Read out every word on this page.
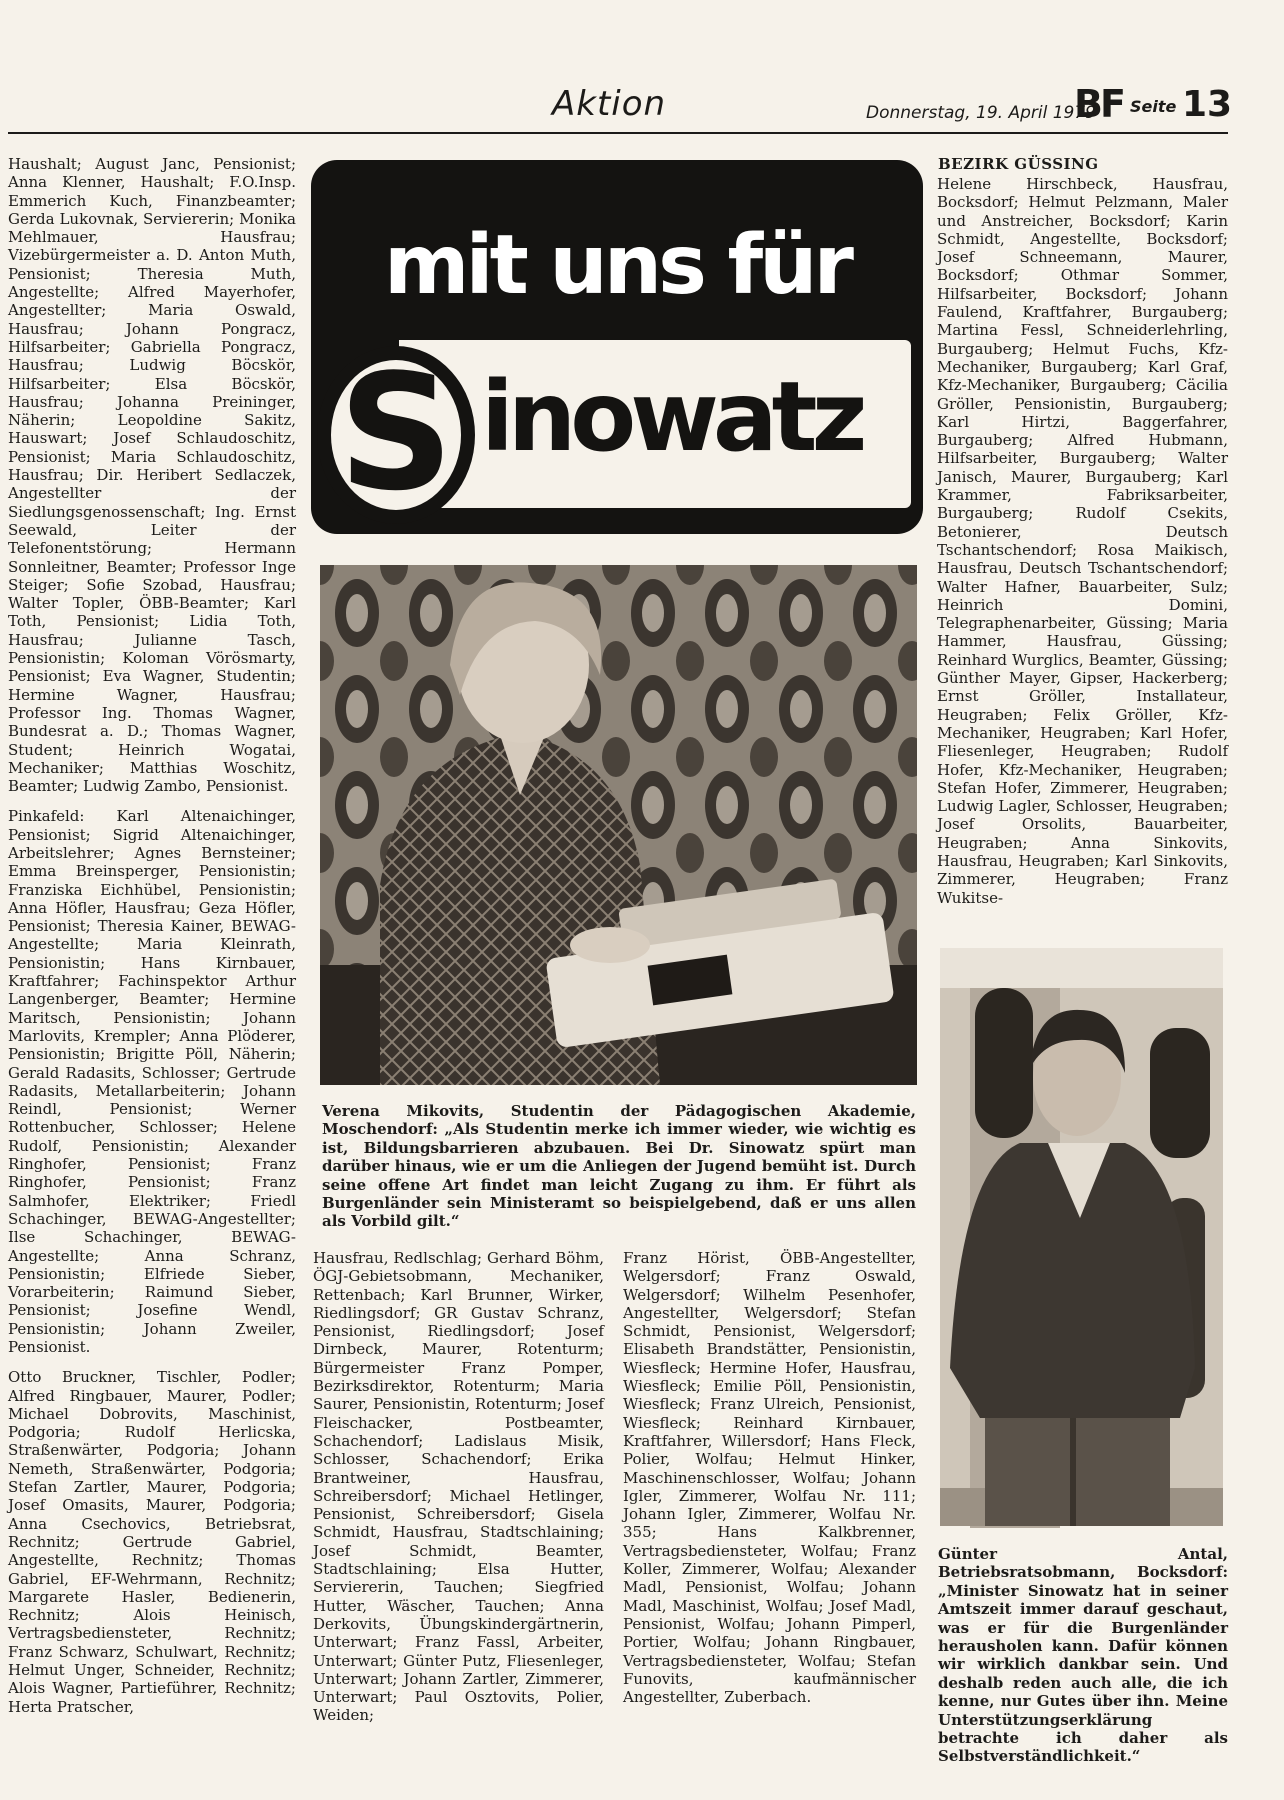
Aktion	Donnerstag, 19. April 1979
BF Seite 13

Haushalt; August Janc, Pensionist; Anna Klenner, Haushalt; F.O.Insp. Emmerich Kuch, Finanzbeamter; Gerda Lukovnak, Serviererin; Monika Mehlmauer, Hausfrau; Vizebürgermeister a. D. Anton Muth, Pensionist; Theresia Muth, Angestellte; Alfred Mayerhofer, Angestellter; Maria Oswald, Hausfrau; Johann Pongracz, Hilfsarbeiter; Gabriella Pongracz, Hausfrau; Ludwig Böcskör, Hilfsarbeiter; Elsa Böcskör, Hausfrau; Johanna Preininger, Näherin; Leopoldine Sakitz, Hauswart; Josef Schlaudoschitz, Pensionist; Maria Schlaudoschitz, Hausfrau; Dir. Heribert Sedlaczek, Angestellter der Siedlungsgenossenschaft; Ing. Ernst Seewald, Leiter der Telefonentstörung; Hermann Sonnleitner, Beamter; Professor Inge Steiger; Sofie Szobad, Hausfrau; Walter Topler, ÖBB-Beamter; Karl Toth, Pensionist; Lidia Toth, Hausfrau; Julianne Tasch, Pensionistin; Koloman Vörösmarty, Pensionist; Eva Wagner, Studentin; Hermine Wagner, Hausfrau; Professor Ing. Thomas Wagner, Bundesrat a. D.; Thomas Wagner, Student; Heinrich Wogatai, Mechaniker; Matthias Woschitz, Beamter; Ludwig Zambo, Pensionist.

Pinkafeld: Karl Altenaichinger, Pensionist; Sigrid Altenaichinger, Arbeitslehrer; Agnes Bernsteiner; Emma Breinsperger, Pensionistin; Franziska Eichhübel, Pensionistin; Anna Höfler, Hausfrau; Geza Höfler, Pensionist; Theresia Kainer, BEWAG-Angestellte; Maria Kleinrath, Pensionistin; Hans Kirnbauer, Kraftfahrer; Fachinspektor Arthur Langenberger, Beamter; Hermine Maritsch, Pensionistin; Johann Marlovits, Krempler; Anna Plöderer, Pensionistin; Brigitte Pöll, Näherin; Gerald Radasits, Schlosser; Gertrude Radasits, Metallarbeiterin; Johann Reindl, Pensionist; Werner Rottenbucher, Schlosser; Helene Rudolf, Pensionistin; Alexander Ringhofer, Pensionist; Franz Ringhofer, Pensionist; Franz Salmhofer, Elektriker; Friedl Schachinger, BEWAG-Angestellter; Ilse Schachinger, BEWAG-Angestellte; Anna Schranz, Pensionistin; Elfriede Sieber, Vorarbeiterin; Raimund Sieber, Pensionist; Josefine Wendl, Pensionistin; Johann Zweiler, Pensionist.

Otto Bruckner, Tischler, Podler; Alfred Ringbauer, Maurer, Podler; Michael Dobrovits, Maschinist, Podgoria; Rudolf Herlicska, Straßenwärter, Podgoria; Johann Nemeth, Straßenwärter, Podgoria; Stefan Zartler, Maurer, Podgoria; Josef Omasits, Maurer, Podgoria; Anna Csechovics, Betriebsrat, Rechnitz; Gertrude Gabriel, Angestellte, Rechnitz; Thomas Gabriel, EF-Wehrmann, Rechnitz; Margarete Hasler, Bedienerin, Rechnitz; Alois Heinisch, Vertragsbediensteter, Rechnitz; Franz Schwarz, Schulwart, Rechnitz; Helmut Unger, Schneider, Rechnitz; Alois Wagner, Partieführer, Rechnitz; Herta Pratscher,

mit uns für
S inowatz
Verena Mikovits, Studentin der Pädagogischen Akademie, Moschendorf: „Als Studentin merke ich immer wieder, wie wichtig es ist, Bildungsbarrieren abzubauen. Bei Dr. Sinowatz spürt man darüber hinaus, wie er um die Anliegen der Jugend bemüht ist. Durch seine offene Art findet man leicht Zugang zu ihm. Er führt als Burgenländer sein Ministeramt so beispielgebend, daß er uns allen als Vorbild gilt.“
Hausfrau, Redlschlag; Gerhard Böhm, ÖGJ-Gebietsobmann, Mechaniker, Rettenbach; Karl Brunner, Wirker, Riedlingsdorf; GR Gustav Schranz, Pensionist, Riedlingsdorf; Josef Dirnbeck, Maurer, Rotenturm; Bürgermeister Franz Pomper, Bezirksdirektor, Rotenturm; Maria Saurer, Pensionistin, Rotenturm; Josef Fleischacker, Postbeamter, Schachendorf; Ladislaus Misik, Schlosser, Schachendorf; Erika Brantweiner, Hausfrau, Schreibersdorf; Michael Hetlinger, Pensionist, Schreibersdorf; Gisela Schmidt, Hausfrau, Stadtschlaining; Josef Schmidt, Beamter, Stadtschlaining; Elsa Hutter, Serviererin, Tauchen; Siegfried Hutter, Wäscher, Tauchen; Anna Derkovits, Übungskindergärtnerin, Unterwart; Franz Fassl, Arbeiter, Unterwart; Günter Putz, Fliesenleger, Unterwart; Johann Zartler, Zimmerer, Unterwart; Paul Osztovits, Polier, Weiden;
Franz Hörist, ÖBB-Angestellter, Welgersdorf; Franz Oswald, Welgersdorf; Wilhelm Pesenhofer, Angestellter, Welgersdorf; Stefan Schmidt, Pensionist, Welgersdorf; Elisabeth Brandstätter, Pensionistin, Wiesfleck; Hermine Hofer, Hausfrau, Wiesfleck; Emilie Pöll, Pensionistin, Wiesfleck; Franz Ulreich, Pensionist, Wiesfleck; Reinhard Kirnbauer, Kraftfahrer, Willersdorf; Hans Fleck, Polier, Wolfau; Helmut Hinker, Maschinenschlosser, Wolfau; Johann Igler, Zimmerer, Wolfau Nr. 111; Johann Igler, Zimmerer, Wolfau Nr. 355; Hans Kalkbrenner, Vertragsbediensteter, Wolfau; Franz Koller, Zimmerer, Wolfau; Alexander Madl, Pensionist, Wolfau; Johann Madl, Maschinist, Wolfau; Josef Madl, Pensionist, Wolfau; Johann Pimperl, Portier, Wolfau; Johann Ringbauer, Vertragsbediensteter, Wolfau; Stefan Funovits, kaufmännischer Angestellter, Zuberbach.
BEZIRK GÜSSING
Helene Hirschbeck, Hausfrau, Bocksdorf; Helmut Pelzmann, Maler und Anstreicher, Bocksdorf; Karin Schmidt, Angestellte, Bocksdorf; Josef Schneemann, Maurer, Bocksdorf; Othmar Sommer, Hilfsarbeiter, Bocksdorf; Johann Faulend, Kraftfahrer, Burgauberg; Martina Fessl, Schneiderlehrling, Burgauberg; Helmut Fuchs, Kfz-Mechaniker, Burgauberg; Karl Graf, Kfz-Mechaniker, Burgauberg; Cäcilia Gröller, Pensionistin, Burgauberg; Karl Hirtzi, Baggerfahrer, Burgauberg; Alfred Hubmann, Hilfsarbeiter, Burgauberg; Walter Janisch, Maurer, Burgauberg; Karl Krammer, Fabriksarbeiter, Burgauberg; Rudolf Csekits, Betonierer, Deutsch Tschantschendorf; Rosa Maikisch, Hausfrau, Deutsch Tschantschendorf; Walter Hafner, Bauarbeiter, Sulz; Heinrich Domini, Telegraphenarbeiter, Güssing; Maria Hammer, Hausfrau, Güssing; Reinhard Wurglics, Beamter, Güssing; Günther Mayer, Gipser, Hackerberg; Ernst Gröller, Installateur, Heugraben; Felix Gröller, Kfz-Mechaniker, Heugraben; Karl Hofer, Fliesenleger, Heugraben; Rudolf Hofer, Kfz-Mechaniker, Heugraben; Stefan Hofer, Zimmerer, Heugraben; Ludwig Lagler, Schlosser, Heugraben; Josef Orsolits, Bauarbeiter, Heugraben; Anna Sinkovits, Hausfrau, Heugraben; Karl Sinkovits, Zimmerer, Heugraben; Franz Wukitse-
Günter Antal, Betriebsratsobmann, Bocksdorf: „Minister Sinowatz hat in seiner Amtszeit immer darauf geschaut, was er für die Burgenländer herausholen kann. Dafür können wir wirklich dankbar sein. Und deshalb reden auch alle, die ich kenne, nur Gutes über ihn. Meine Unterstützungserklärung betrachte ich daher als Selbstverständlichkeit.“
